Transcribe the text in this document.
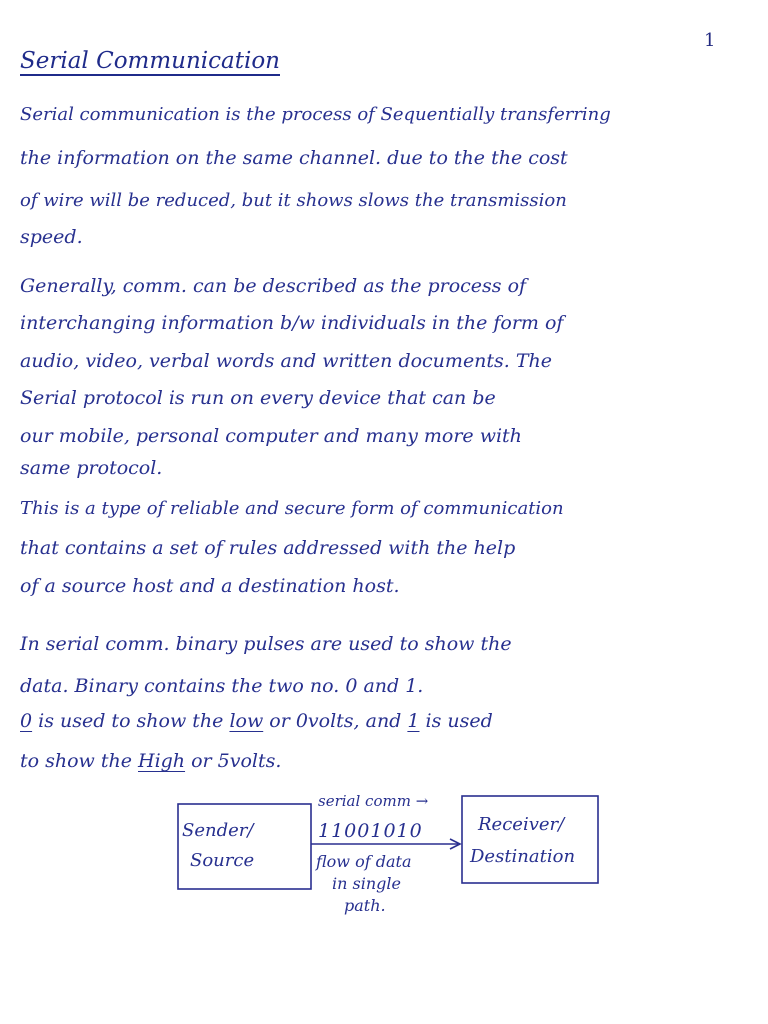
1
Serial Communication
Serial communication is the process of Sequentially transferring
the information on the same channel. due to the the cost
of wire will be reduced, but it shows slows the transmission
speed.
Generally, comm. can be described as the process of
interchanging information b/w individuals in the form of
audio, video, verbal words and written documents. The
Serial protocol is run on every device that can be
our mobile, personal computer and many more with
same protocol.
This is a type of reliable and secure form of communication
that contains a set of rules addressed with the help
of a source host and a destination host.
In serial comm. binary pulses are used to show the
data. Binary contains the two no. 0 and 1.
0 is used to show the low or 0volts, and 1 is used
to show the High or 5volts.
Sender/
Source
Receiver/
Destination
serial comm →
11001010
flow of data
in single
path.
